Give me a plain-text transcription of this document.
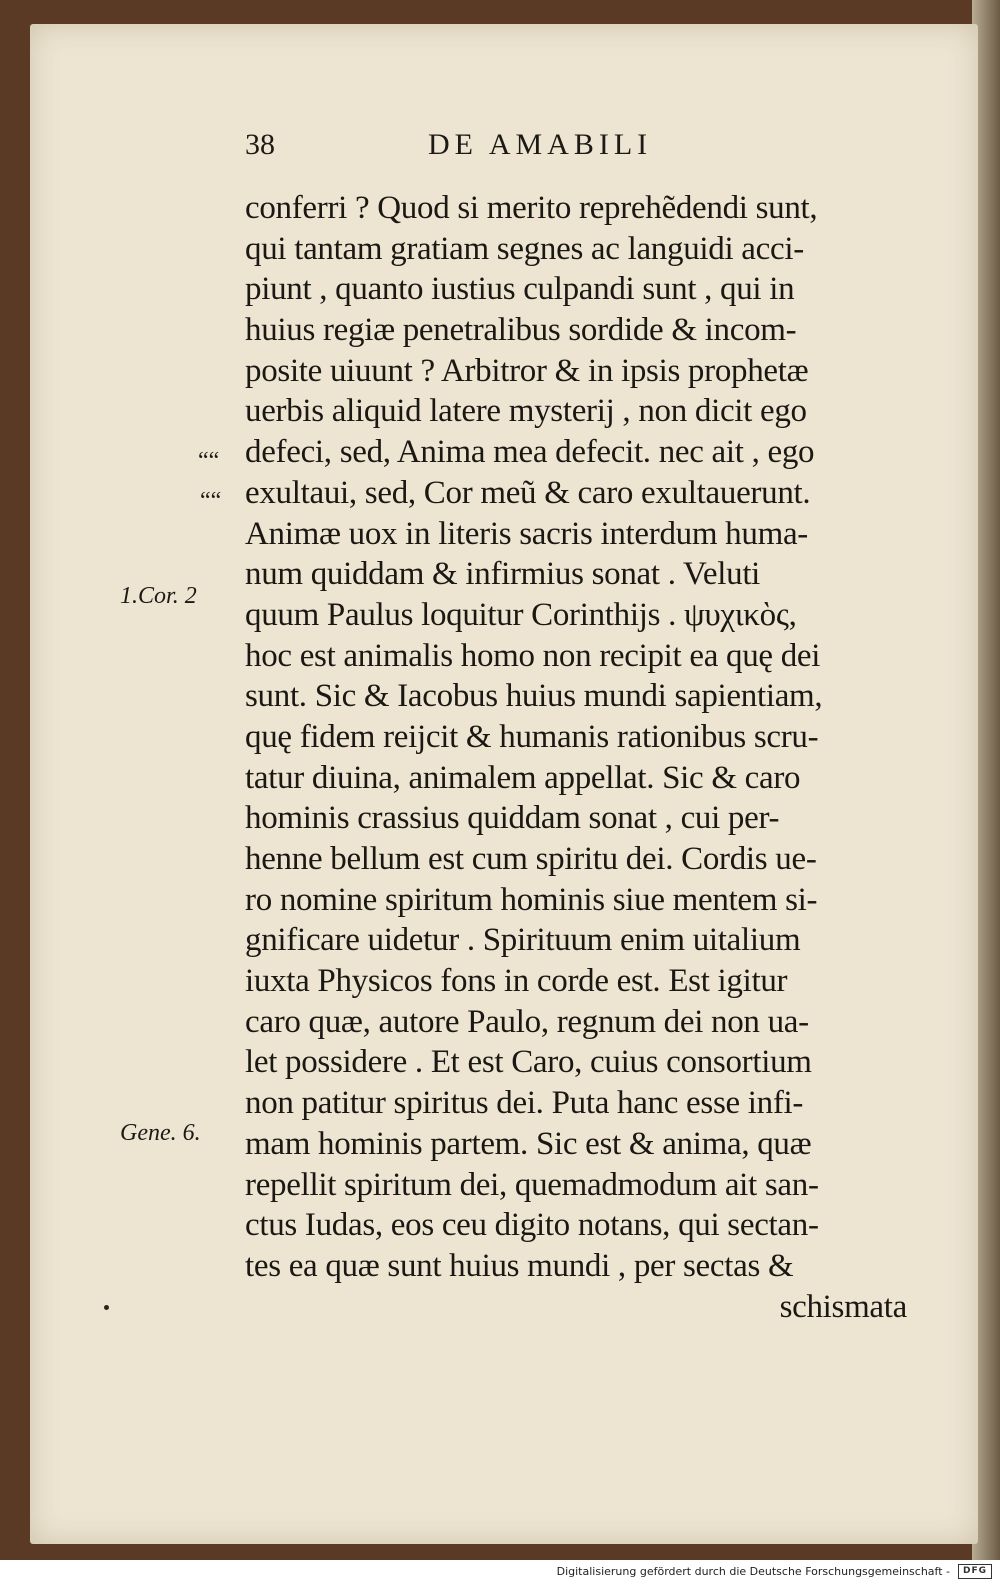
38	DE AMABILI
conferri ? Quod si merito reprehẽdendi sunt,
qui tantam gratiam segnes ac languidi acci-
piunt , quanto iustius culpandi sunt , qui in
huius regiæ penetralibus sordide & incom-
posite uiuunt ? Arbitror & in ipsis prophetæ
uerbis aliquid latere mysterij , non dicit ego
defeci, sed, Anima mea defecit. nec ait , ego
exultaui, sed, Cor meũ & caro exultauerunt.
Animæ uox in literis sacris interdum huma-
num quiddam & infirmius sonat . Veluti
quum Paulus loquitur Corinthijs . ψυχικὸς,
hoc est animalis homo non recipit ea quę dei
sunt. Sic & Iacobus huius mundi sapientiam,
quę fidem reijcit & humanis rationibus scru-
tatur diuina, animalem appellat. Sic & caro
hominis crassius quiddam sonat , cui per-
henne bellum est cum spiritu dei. Cordis ue-
ro nomine spiritum hominis siue mentem si-
gnificare uidetur . Spirituum enim uitalium
iuxta Physicos fons in corde est. Est igitur
caro quæ, autore Paulo, regnum dei non ua-
let possidere . Et est Caro, cuius consortium
non patitur spiritus dei. Puta hanc esse infi-
mam hominis partem. Sic est & anima, quæ
repellit spiritum dei, quemadmodum ait san-
ctus Iudas, eos ceu digito notans, qui sectan-
tes ea quæ sunt huius mundi , per sectas &
schismata
““
““
1.Cor. 2
Gene. 6.
Digitalisierung gefördert durch die Deutsche Forschungsgemeinschaft -	DFG
